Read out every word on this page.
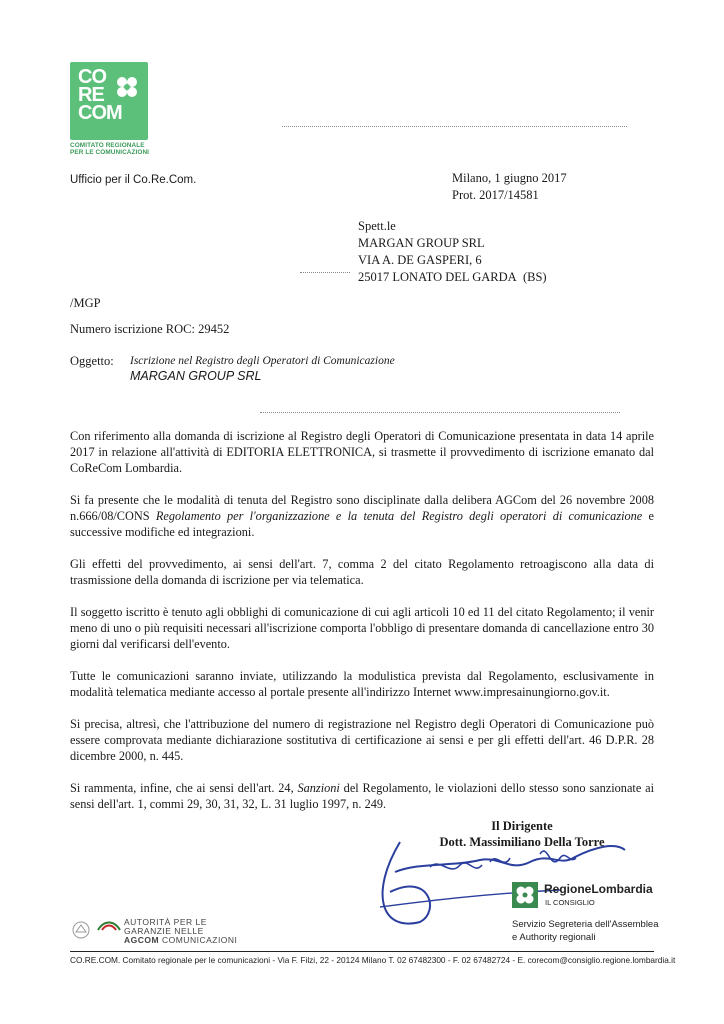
CO
RE
COM
COMITATO REGIONALE
PER LE COMUNICAZIONI
Ufficio per il Co.Re.Com.	Milano, 1 giugno 2017
Prot. 2017/14581
Spett.le
MARGAN GROUP SRL
VIA A. DE GASPERI, 6
25017 LONATO DEL GARDA (BS)
/MGP
Numero iscrizione ROC: 29452
Oggetto: Iscrizione nel Registro degli Operatori di Comunicazione
MARGAN GROUP SRL

Con riferimento alla domanda di iscrizione al Registro degli Operatori di Comunicazione presentata in data 14 aprile 2017 in relazione all'attività di EDITORIA ELETTRONICA, si trasmette il provvedimento di iscrizione emanato dal CoReCom Lombardia.

Si fa presente che le modalità di tenuta del Registro sono disciplinate dalla delibera AGCom del 26 novembre 2008 n.666/08/CONS Regolamento per l'organizzazione e la tenuta del Registro degli operatori di comunicazione e successive modifiche ed integrazioni.

Gli effetti del provvedimento, ai sensi dell'art. 7, comma 2 del citato Regolamento retroagiscono alla data di trasmissione della domanda di iscrizione per via telematica.

Il soggetto iscritto è tenuto agli obblighi di comunicazione di cui agli articoli 10 ed 11 del citato Regolamento; il venir meno di uno o più requisiti necessari all'iscrizione comporta l'obbligo di presentare domanda di cancellazione entro 30 giorni dal verificarsi dell'evento.

Tutte le comunicazioni saranno inviate, utilizzando la modulistica prevista dal Regolamento, esclusivamente in modalità telematica mediante accesso al portale presente all'indirizzo Internet www.impresainungiorno.gov.it.

Si precisa, altresì, che l'attribuzione del numero di registrazione nel Registro degli Operatori di Comunicazione può essere comprovata mediante dichiarazione sostitutiva di certificazione ai sensi e per gli effetti dell'art. 46 D.P.R. 28 dicembre 2000, n. 445.

Si rammenta, infine, che ai sensi dell'art. 24, Sanzioni del Regolamento, le violazioni dello stesso sono sanzionate ai sensi dell'art. 1, commi 29, 30, 31, 32, L. 31 luglio 1997, n. 249.

Il Dirigente
Dott. Massimiliano Della Torre
RegioneLombardia
IL CONSIGLIO
Servizio Segreteria dell'Assemblea
e Authority regionali
AUTORITÀ PER LE
GARANZIE NELLE
AGCOM COMUNICAZIONI
CO.RE.COM. Comitato regionale per le comunicazioni - Via F. Filzi, 22 - 20124 Milano T. 02 67482300 - F. 02 67482724 - E. corecom@consiglio.regione.lombardia.it
